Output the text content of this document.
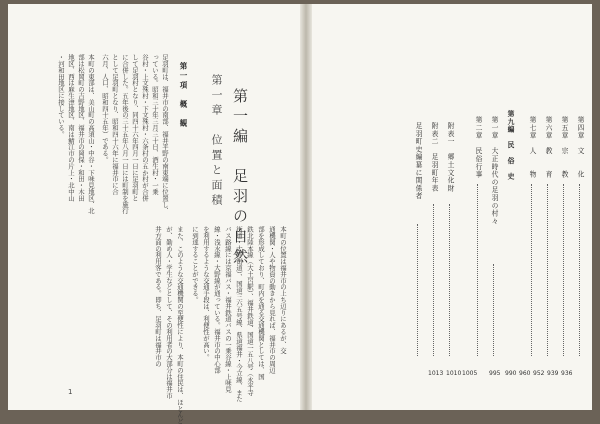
第一編　足羽の自然
第一章　位置と面積
第一項　概　観
足羽町は、福井市の南部、福井平野の南東端に位置し、
っている。昭和三十年三月三十日、酒生村・一乗
谷村・上文殊村・下文殊村・六条村の五か村が合併
して足羽村となり、同四十六年四月一日に足羽町と
に合併した。五年後の三十五年八月一日には町制を施行
として足羽町となり、昭和四十六年に福井市に合
六月、人口、昭和四十五年）である。
本町の東部は、美山町の高須山・中谷・下味見地区、北
部は松岡町の吉野地区、福井市の岡保・和田・木田
地区、西は麻生津地区、南は鯖江市の片上・北中山
・河和田地区に接している。
本町の位置は福井市の上ち辺りにあるが、交
通機関・人や物資の動きから見れば、福井市の周辺
部を形成しており、町内を通る交通機関としては、国
鉄北陸本線（大土呂駅）、福井鉄道、国道一五八号（永平寺
街道・大野街道）、国道三六五号線、県道福井・今立線、また
バス路線には京福バス・福井鉄道バスの一乗谷線・上味見
線・浅水線・大野線が通っている。福井市の中心部
を利用するような交通手段は、利便性が高い。
に到達することができる。
また、このような交通機関の至便性により、本町の住民は、ほとんど
が、勤め人・学生などとして、その利用者の大部分は福井市
井方面の利用客である。即ち、足羽町は福井市の
1
第四章　文　　化
936
第五章　宗　　教
939
第六章　教　　育
952
第七章　人　　物
960
第九編　民　俗　史
第一章　大正時代の足羽の村々
990
第二章　民俗行事
995
附表一　郷土文化財
1005
附表二　足羽町年表
1010
足羽町史編纂に関係者
1013
